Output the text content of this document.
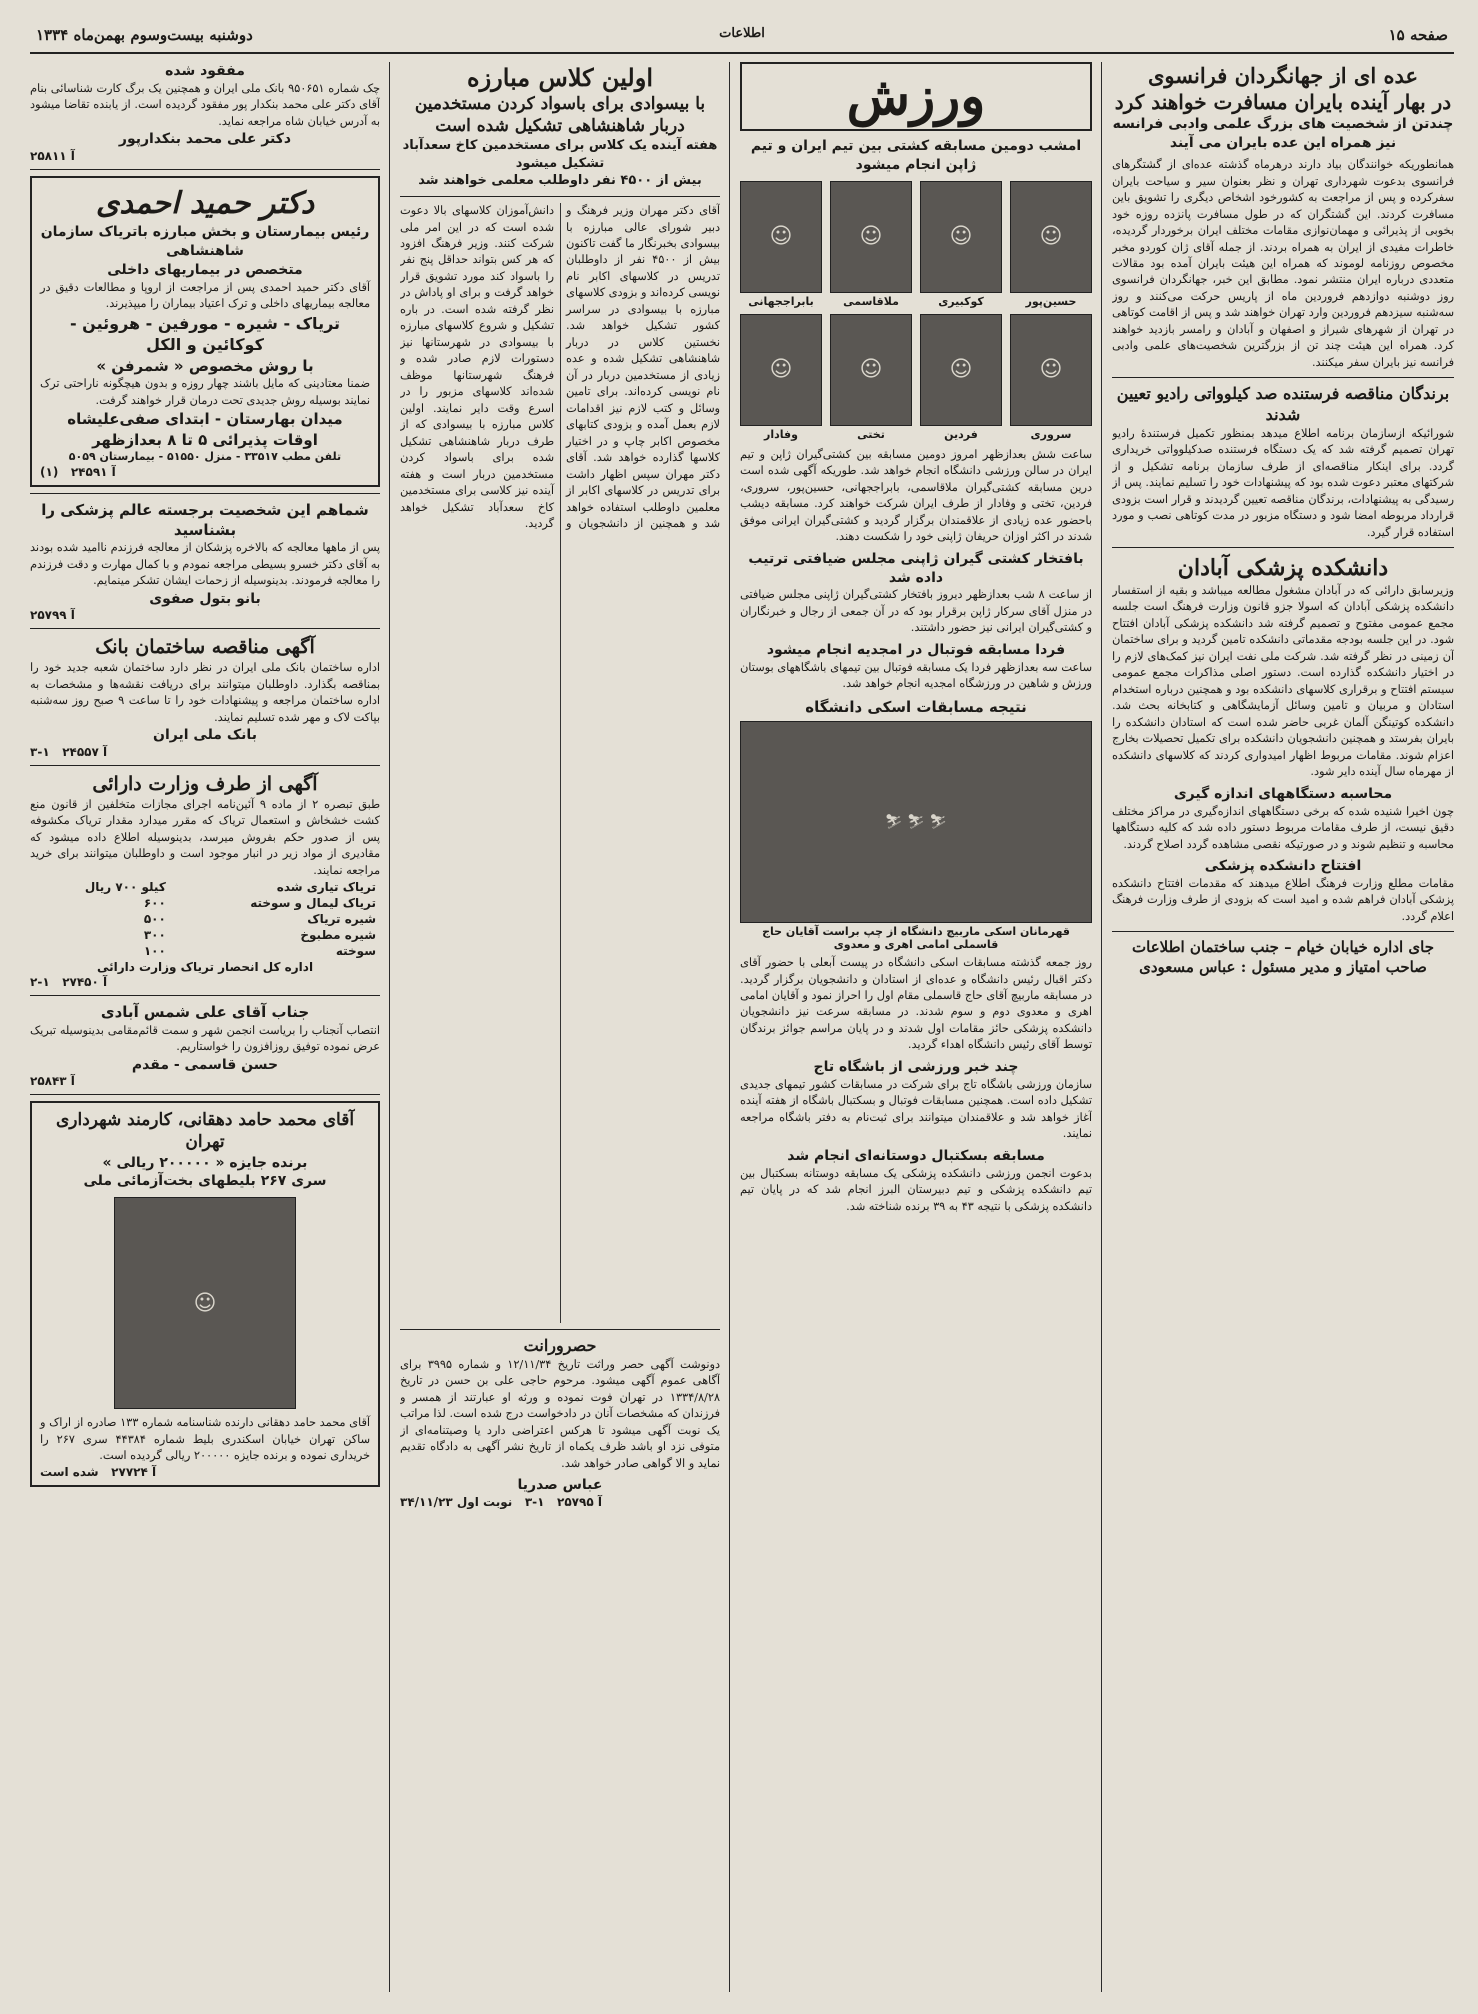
صفحه ۱۵
اطلاعات
دوشنبه بیست‌وسوم بهمن‌ماه ۱۳۳۴
عده ای از جهانگردان فرانسوی
در بهار آینده بایران مسافرت خواهند کرد
چندتن از شخصیت های بزرگ علمی وادبی فرانسه نیز همراه این عده بایران می آیند
همانطوریکه خوانندگان بیاد دارند درهرماه گذشته عده‌ای از گشتگرهای فرانسوی بدعوت شهرداری تهران و نظر بعنوان سیر و سیاحت بایران سفرکرده و پس از مراجعت به کشورخود اشخاص دیگری را تشویق باین مسافرت کردند. این گشتگران که در طول مسافرت پانزده روزه خود بخوبی از پذیرائی و مهمان‌نوازی مقامات مختلف ایران برخوردار گردیده، خاطرات مفیدی از ایران به همراه بردند. از جمله آقای ژان کوردو مخبر مخصوص روزنامه لوموند که همراه این هیئت بایران آمده بود مقالات متعددی درباره ایران منتشر نمود. مطابق این خبر، جهانگردان فرانسوی روز دوشنبه دوازدهم فروردین ماه از پاریس حرکت می‌کنند و روز سه‌شنبه سیزدهم فروردین وارد تهران خواهند شد و پس از اقامت کوتاهی در تهران از شهرهای شیراز و اصفهان و آبادان و رامسر بازدید خواهند کرد. همراه این هیئت چند تن از بزرگترین شخصیت‌های علمی وادبی فرانسه نیز بایران سفر میکنند.
برندگان مناقصه فرستنده صد کیلوواتی رادیو تعیین شدند
شورائیکه ازسازمان برنامه اطلاع میدهد بمنظور تکمیل فرستندهٔ رادیو تهران تصمیم گرفته شد که یک دستگاه فرستنده صدکیلوواتی خریداری گردد. برای اینکار مناقصه‌ای از طرف سازمان برنامه تشکیل و از شرکتهای معتبر دعوت شده بود که پیشنهادات خود را تسلیم نمایند. پس از رسیدگی به پیشنهادات، برندگان مناقصه تعیین گردیدند و قرار است بزودی قرارداد مربوطه امضا شود و دستگاه مزبور در مدت کوتاهی نصب و مورد استفاده قرار گیرد.
دانشکده پزشکی آبادان
وزیرسابق دارائی که در آبادان مشغول مطالعه میباشد و بقیه از استفسار دانشکده پزشکی آبادان که اسولا جزو قانون وزارت فرهنگ است جلسه مجمع عمومی مفتوح و تصمیم گرفته شد دانشکده پزشکی آبادان افتتاح شود. در این جلسه بودجه مقدماتی دانشکده تامین گردید و برای ساختمان آن زمینی در نظر گرفته شد. شرکت ملی نفت ایران نیز کمک‌های لازم را در اختیار دانشکده گذارده است. دستور اصلی مذاکرات مجمع عمومی سیستم افتتاح و برقراری کلاسهای دانشکده بود و همچنین درباره استخدام استادان و مربیان و تامین وسائل آزمایشگاهی و کتابخانه بحث شد. دانشکده کوتینگن آلمان غربی حاضر شده است که استادان دانشکده را بایران بفرستد و همچنین دانشجویان دانشکده برای تکمیل تحصیلات بخارج اعزام شوند. مقامات مربوط اظهار امیدواری کردند که کلاسهای دانشکده از مهرماه سال آینده دایر شود.
محاسبه دستگاههای اندازه گیری
چون اخیرا شنیده شده که برخی دستگاههای اندازه‌گیری در مراکز مختلف دقیق نیست، از طرف مقامات مربوط دستور داده شد که کلیه دستگاهها محاسبه و تنظیم شوند و در صورتیکه نقصی مشاهده گردد اصلاح گردند.
افتتاح دانشکده پزشکی
مقامات مطلع وزارت فرهنگ اطلاع میدهند که مقدمات افتتاح دانشکده پزشکی آبادان فراهم شده و امید است که بزودی از طرف وزارت فرهنگ اعلام گردد.
جای اداره خیابان خیام – جنب ساختمان اطلاعات
صاحب امتیاز و مدیر مسئول : عباس مسعودی
ورزش
امشب دومین مسابقه کشتی بین تیم ایران و تیم ژاپن انجام میشود
☺
حسین‌پور
☺
کوکبیری
☺
ملاقاسمی
☺
بابراججهانی
☺
سروری
☺
فردین
☺
تختی
☺
وفادار
ساعت شش بعدازظهر امروز دومین مسابقه بین کشتی‌گیران ژاپن و تیم ایران در سالن ورزشی دانشگاه انجام خواهد شد. طوریکه آگهی شده است درین مسابقه کشتی‌گیران ملاقاسمی، بابراججهانی، حسین‌پور، سروری، فردین، تختی و وفادار از طرف ایران شرکت خواهند کرد. مسابقه دیشب باحضور عده زیادی از علاقمندان برگزار گردید و کشتی‌گیران ایرانی موفق شدند در اکثر اوزان حریفان ژاپنی خود را شکست دهند.
بافتخار کشتی گیران ژاپنی مجلس ضیافتی ترتیب داده شد
از ساعت ۸ شب بعدازظهر دیروز بافتخار کشتی‌گیران ژاپنی مجلس ضیافتی در منزل آقای سرکار ژاپن برقرار بود که در آن جمعی از رجال و خبرنگاران و کشتی‌گیران ایرانی نیز حضور داشتند.
فردا مسابقه فوتبال در امجدیه انجام میشود
ساعت سه بعدازظهر فردا یک مسابقه فوتبال بین تیمهای باشگاههای بوستان ورزش و شاهین در ورزشگاه امجدیه انجام خواهد شد.
نتیجه مسابقات اسکی دانشگاه
⛷ ⛷ ⛷
قهرمانان اسکی ماربیچ دانشگاه از چپ براست آقایان حاج قاسملی امامی اهری و معدوی
روز جمعه گذشته مسابقات اسکی دانشگاه در پیست آبعلی با حضور آقای دکتر اقبال رئیس دانشگاه و عده‌ای از استادان و دانشجویان برگزار گردید. در مسابقه ماربیچ آقای حاج قاسملی مقام اول را احراز نمود و آقایان امامی اهری و معدوی دوم و سوم شدند. در مسابقه سرعت نیز دانشجویان دانشکده پزشکی حائز مقامات اول شدند و در پایان مراسم جوائز برندگان توسط آقای رئیس دانشگاه اهداء گردید.
چند خبر ورزشی از باشگاه تاج
سازمان ورزشی باشگاه تاج برای شرکت در مسابقات کشور تیمهای جدیدی تشکیل داده است. همچنین مسابقات فوتبال و بسکتبال باشگاه از هفته آینده آغاز خواهد شد و علاقمندان میتوانند برای ثبت‌نام به دفتر باشگاه مراجعه نمایند.
مسابقه بسکتبال دوستانه‌ای انجام شد
بدعوت انجمن ورزشی دانشکده پزشکی یک مسابقه دوستانه بسکتبال بین تیم دانشکده پزشکی و تیم دبیرستان البرز انجام شد که در پایان تیم دانشکده پزشکی با نتیجه ۴۳ به ۳۹ برنده شناخته شد.
اولین کلاس مبارزه
با بیسوادی برای باسواد کردن مستخدمین دربار شاهنشاهی تشکیل شده است
هفته آینده یک کلاس برای مستخدمین کاخ سعدآباد تشکیل میشود
بیش از ۴۵۰۰ نفر داوطلب معلمی خواهند شد
آقای دکتر مهران وزیر فرهنگ و دبیر شورای عالی مبارزه با بیسوادی بخبرنگار ما گفت تاکنون بیش از ۴۵۰۰ نفر از داوطلبان تدریس در کلاسهای اکابر نام نویسی کرده‌اند و بزودی کلاسهای مبارزه با بیسوادی در سراسر کشور تشکیل خواهد شد. نخستین کلاس در دربار شاهنشاهی تشکیل شده و عده زیادی از مستخدمین دربار در آن نام نویسی کرده‌اند. برای تامین وسائل و کتب لازم نیز اقدامات لازم بعمل آمده و بزودی کتابهای مخصوص اکابر چاپ و در اختیار کلاسها گذارده خواهد شد. آقای دکتر مهران سپس اظهار داشت برای تدریس در کلاسهای اکابر از معلمین داوطلب استفاده خواهد شد و همچنین از دانشجویان و دانش‌آموزان کلاسهای بالا دعوت شده است که در این امر ملی شرکت کنند. وزیر فرهنگ افزود که هر کس بتواند حداقل پنج نفر را باسواد کند مورد تشویق قرار خواهد گرفت و برای او پاداش در نظر گرفته شده است. در باره تشکیل و شروع کلاسهای مبارزه با بیسوادی در شهرستانها نیز دستورات لازم صادر شده و فرهنگ شهرستانها موظف شده‌اند کلاسهای مزبور را در اسرع وقت دایر نمایند. اولین کلاس مبارزه با بیسوادی که از طرف دربار شاهنشاهی تشکیل شده برای باسواد کردن مستخدمین دربار است و هفته آینده نیز کلاسی برای مستخدمین کاخ سعدآباد تشکیل خواهد گردید.
حصرورانت
دونوشت آگهی حصر وراثت تاریخ ۱۲/۱۱/۳۴ و شماره ۳۹۹۵ برای آگاهی عموم آگهی میشود. مرحوم حاجی علی بن حسن در تاریخ ۱۳۳۴/۸/۲۸ در تهران فوت نموده و ورثه او عبارتند از همسر و فرزندان که مشخصات آنان در دادخواست درج شده است. لذا مراتب یک نوبت آگهی میشود تا هرکس اعتراضی دارد یا وصیتنامه‌ای از متوفی نزد او باشد ظرف یکماه از تاریخ نشر آگهی به دادگاه تقدیم نماید و الا گواهی صادر خواهد شد.
عباس صدریا
آ ۲۵۷۹۵   ۱-۳   نوبت اول ۳۴/۱۱/۲۳
مفقود شده
چک شماره ۹۵۰۶۵۱ بانک ملی ایران و همچنین یک برگ کارت شناسائی بنام آقای دکتر علی محمد بنکدار پور مفقود گردیده است. از یابنده تقاضا میشود به آدرس خیابان شاه مراجعه نماید.
دکتر علی محمد بنکدارپور
آ ۲۵۸۱۱
دکتر حمید احمدی
رئیس بیمارستان و بخش مبارزه باتریاک سازمان شاهنشاهی
متخصص در بیماریهای داخلی
آقای دکتر حمید احمدی پس از مراجعت از اروپا و مطالعات دقیق در معالجه بیماریهای داخلی و ترک اعتیاد بیماران را میپذیرند.
تریاک - شیره - مورفین - هروئین - کوکائین و الکل
با روش مخصوص « شمرفن »
ضمنا معتادینی که مایل باشند چهار روزه و بدون هیچگونه ناراحتی ترک نمایند بوسیله روش جدیدی تحت درمان قرار خواهند گرفت.
میدان بهارستان - ابتدای صفی‌علیشاه
اوقات پذیرائی ۵ تا ۸ بعدازظهر
تلفن مطب ۳۳۵۱۷ - منزل ۵۱۵۵۰ - بیمارستان ۵۰۵۹
آ ۲۴۵۹۱   (۱)
شماهم این شخصیت برجسته عالم پزشکی را بشناسید
پس از ماهها معالجه که بالاخره پزشکان از معالجه فرزندم ناامید شده بودند به آقای دکتر خسرو بسیطی مراجعه نمودم و با کمال مهارت و دقت فرزندم را معالجه فرمودند. بدینوسیله از زحمات ایشان تشکر مینمایم.
بانو بتول صفوی
آ ۲۵۷۹۹
آگهی مناقصه ساختمان بانک
اداره ساختمان بانک ملی ایران در نظر دارد ساختمان شعبه جدید خود را بمناقصه بگذارد. داوطلبان میتوانند برای دریافت نقشه‌ها و مشخصات به اداره ساختمان مراجعه و پیشنهادات خود را تا ساعت ۹ صبح روز سه‌شنبه بپاکت لاک و مهر شده تسلیم نمایند.
بانک ملی ایران
آ ۲۴۵۵۷   ۱-۳
آگهی از طرف وزارت دارائی
طبق تبصره ۲ از ماده ۹ آئین‌نامه اجرای مجازات متخلفین از قانون منع کشت خشخاش و استعمال تریاک که مقرر میدارد مقدار تریاک مکشوفه پس از صدور حکم بفروش میرسد، بدینوسیله اطلاع داده میشود که مقادیری از مواد زیر در انبار موجود است و داوطلبان میتوانند برای خرید مراجعه نمایند.
تریاک تیاری شده	کیلو ۷۰۰ ریال
تریاک لیمال و سوخته	۶۰۰
شیره تریاک	۵۰۰
شیره مطبوخ	۳۰۰
سوخته	۱۰۰
اداره کل انحصار تریاک وزارت دارائی
آ ۲۷۴۵۰   ۱-۲
جناب آقای علی شمس آبادی
انتصاب آنجناب را بریاست انجمن شهر و سمت قائم‌مقامی بدینوسیله تبریک عرض نموده توفیق روزافزون را خواستاریم.
حسن قاسمی - مقدم
آ ۲۵۸۴۳
آقای محمد حامد دهقانی، کارمند شهرداری تهران
برنده جایزه « ۲۰۰۰۰۰ ریالی »
سری ۲۶۷ بلیطهای بخت‌آزمائی ملی
☺
آقای محمد حامد دهقانی دارنده شناسنامه شماره ۱۳۳ صادره از اراک و ساکن تهران خیابان اسکندری بلیط شماره ۴۴۳۸۴ سری ۲۶۷ را خریداری نموده و برنده جایزه ۲۰۰۰۰۰ ریالی گردیده است.
آ ۲۷۷۲۴   شده است
